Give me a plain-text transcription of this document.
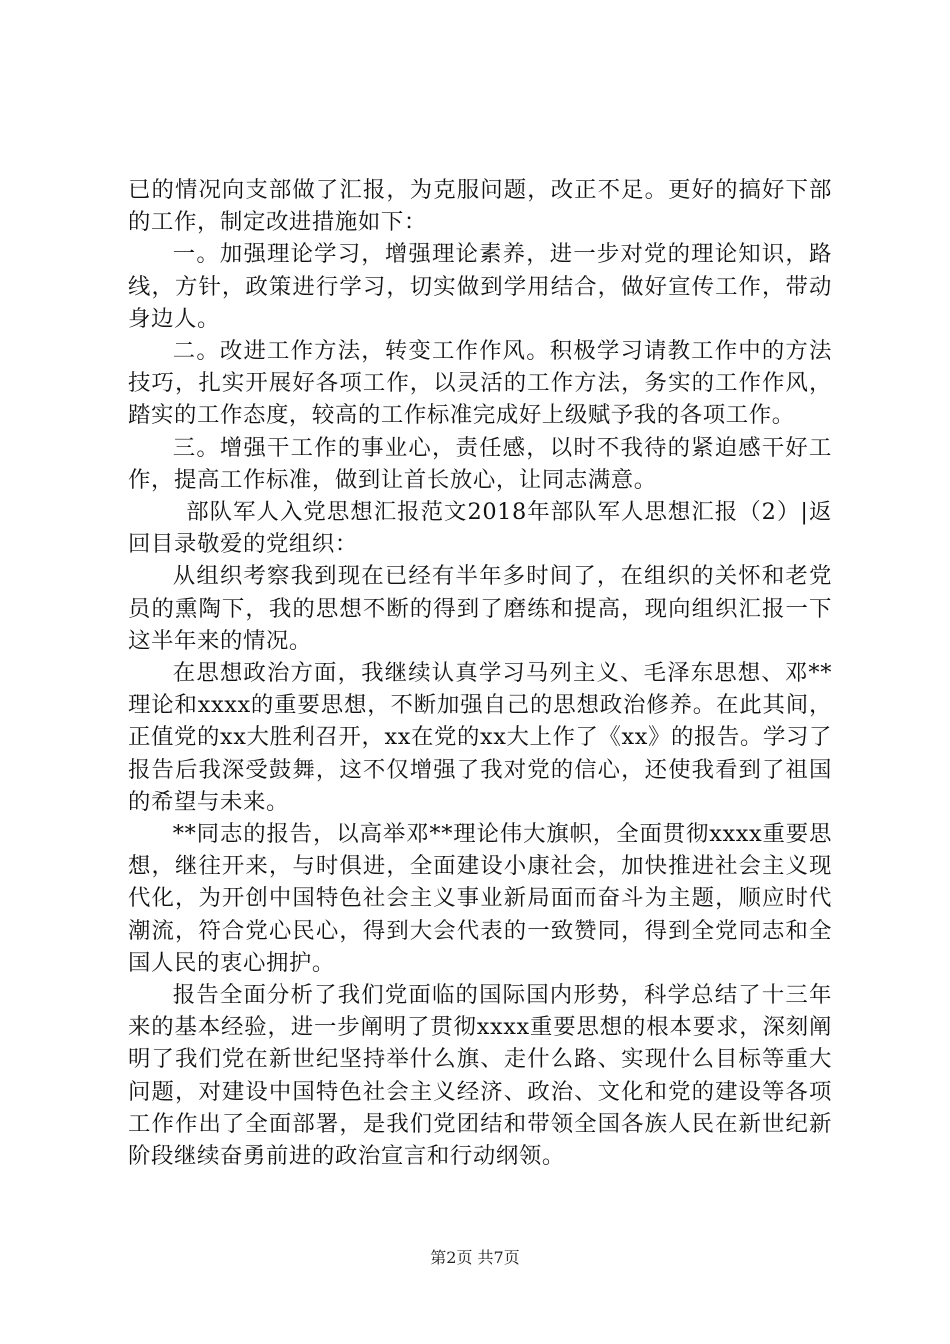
已的情况向支部做了汇报，为克服问题，改正不足。更好的搞好下部的工作，制定改进措施如下：

一。加强理论学习，增强理论素养，进一步对党的理论知识，路线，方针，政策进行学习，切实做到学用结合，做好宣传工作，带动身边人。

二。改进工作方法，转变工作作风。积极学习请教工作中的方法技巧，扎实开展好各项工作，以灵活的工作方法，务实的工作作风，踏实的工作态度，较高的工作标准完成好上级赋予我的各项工作。

三。增强干工作的事业心，责任感，以时不我待的紧迫感干好工作，提高工作标准，做到让首长放心，让同志满意。

部队军人入党思想汇报范文2018年部队军人思想汇报（2）|返回目录敬爱的党组织：

从组织考察我到现在已经有半年多时间了，在组织的关怀和老党员的熏陶下，我的思想不断的得到了磨练和提高，现向组织汇报一下这半年来的情况。

在思想政治方面，我继续认真学习马列主义、毛泽东思想、邓**理论和xxxx的重要思想，不断加强自己的思想政治修养。在此其间，正值党的xx大胜利召开，xx在党的xx大上作了《xx》的报告。学习了报告后我深受鼓舞，这不仅增强了我对党的信心，还使我看到了祖国的希望与未来。

**同志的报告，以高举邓**理论伟大旗帜，全面贯彻xxxx重要思想，继往开来，与时俱进，全面建设小康社会，加快推进社会主义现代化，为开创中国特色社会主义事业新局面而奋斗为主题，顺应时代潮流，符合党心民心，得到大会代表的一致赞同，得到全党同志和全国人民的衷心拥护。

报告全面分析了我们党面临的国际国内形势，科学总结了十三年来的基本经验，进一步阐明了贯彻xxxx重要思想的根本要求，深刻阐明了我们党在新世纪坚持举什么旗、走什么路、实现什么目标等重大问题，对建设中国特色社会主义经济、政治、文化和党的建设等各项工作作出了全面部署，是我们党团结和带领全国各族人民在新世纪新阶段继续奋勇前进的政治宣言和行动纲领。

第2页 共7页
